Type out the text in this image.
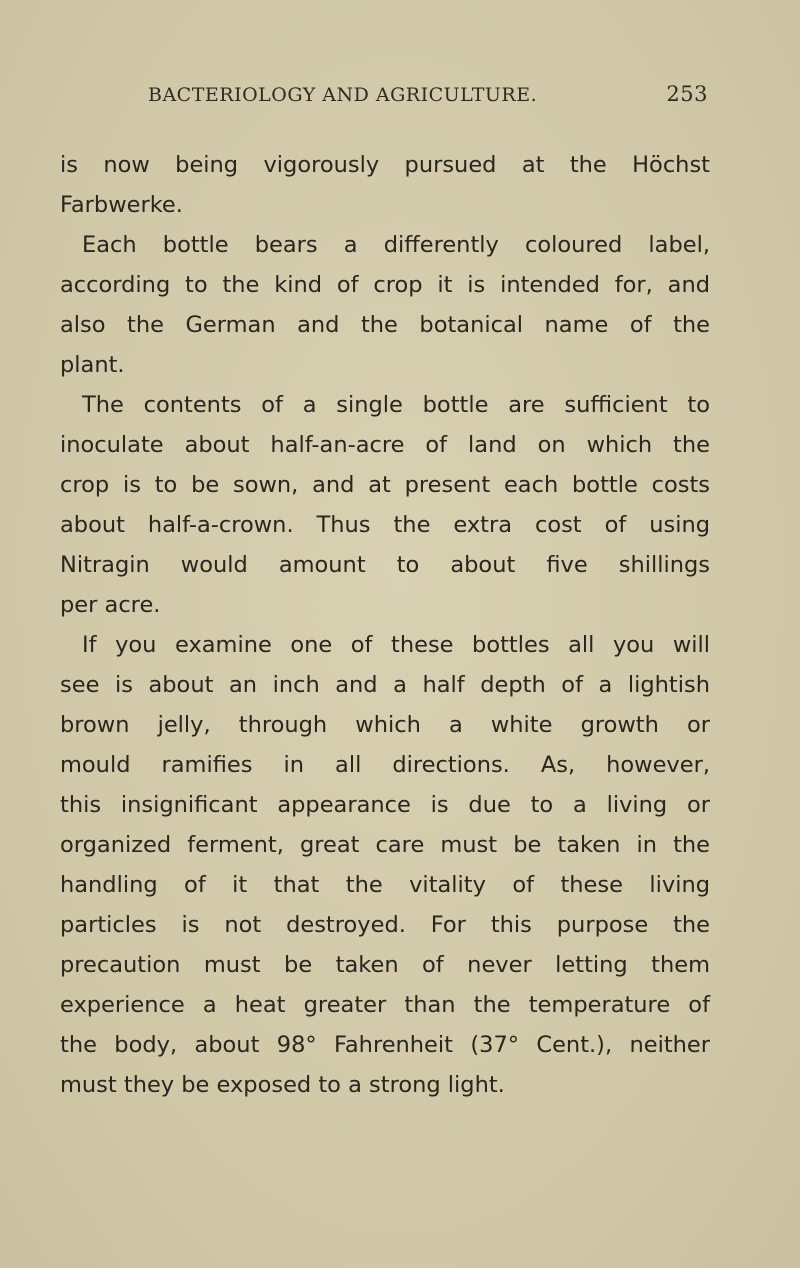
BACTERIOLOGY AND AGRICULTURE.	253
is now being vigorously pursued at the Höchst
Farbwerke.
Each bottle bears a differently coloured label,
according to the kind of crop it is intended for, and
also the German and the botanical name of the
plant.
The contents of a single bottle are sufficient to
inoculate about half-an-acre of land on which the
crop is to be sown, and at present each bottle costs
about half-a-crown. Thus the extra cost of using
Nitragin would amount to about five shillings
per acre.
If you examine one of these bottles all you will
see is about an inch and a half depth of a lightish
brown jelly, through which a white growth or
mould ramifies in all directions. As, however,
this insignificant appearance is due to a living or
organized ferment, great care must be taken in the
handling of it that the vitality of these living
particles is not destroyed. For this purpose the
precaution must be taken of never letting them
experience a heat greater than the temperature of
the body, about 98° Fahrenheit (37° Cent.), neither
must they be exposed to a strong light.
